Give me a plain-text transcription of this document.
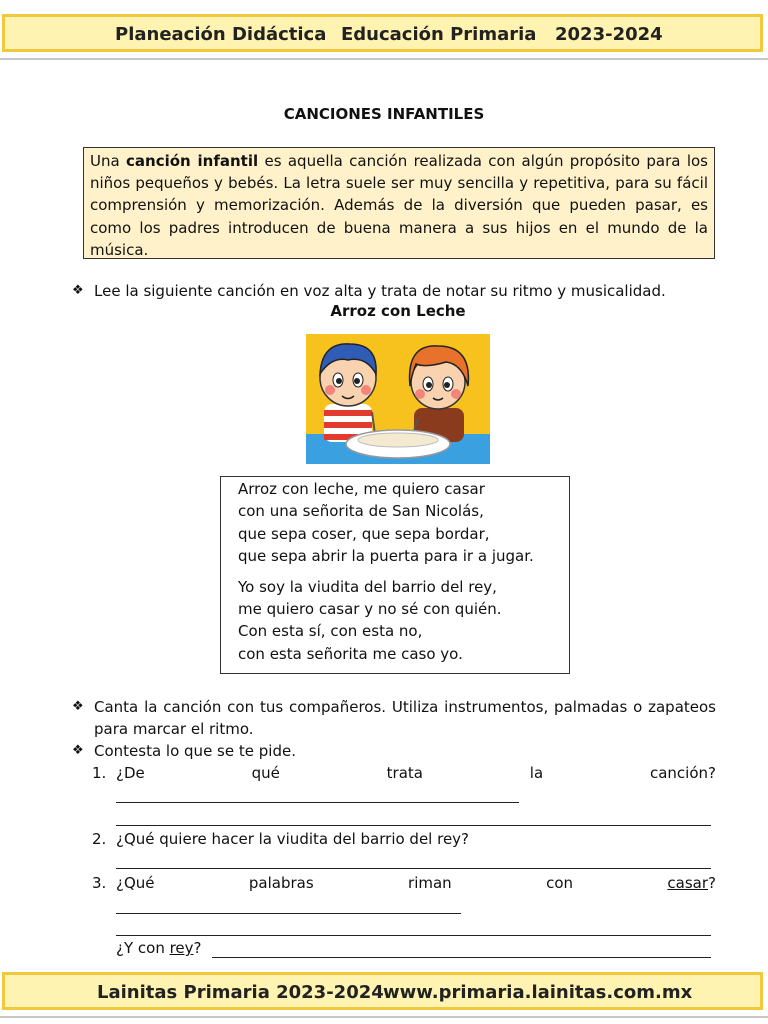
Planeación Didáctica Educación Primaria 2023-2024
CANCIONES INFANTILES
Una canción infantil es aquella canción realizada con algún propósito para los niños pequeños y bebés. La letra suele ser muy sencilla y repetitiva, para su fácil comprensión y memorización. Además de la diversión que pueden pasar, es como los padres introducen de buena manera a sus hijos en el mundo de la música.
❖ Lee la siguiente canción en voz alta y trata de notar su ritmo y musicalidad.
Arroz con Leche
Arroz con leche, me quiero casar
con una señorita de San Nicolás,
que sepa coser, que sepa bordar,
que sepa abrir la puerta para ir a jugar.
Yo soy la viudita del barrio del rey,
me quiero casar y no sé con quién.
Con esta sí, con esta no,
con esta señorita me caso yo.
❖ Canta la canción con tus compañeros. Utiliza instrumentos, palmadas o zapateos para marcar el ritmo.
❖ Contesta lo que se te pide.
1. ¿De	qué	trata	la	canción?
2. ¿Qué quiere hacer la viudita del barrio del rey?
3. ¿Qué	palabras	riman	con	casar?
¿Y con rey ?
Lainitas Primaria 2023-2024 www.primaria.lainitas.com.mx
